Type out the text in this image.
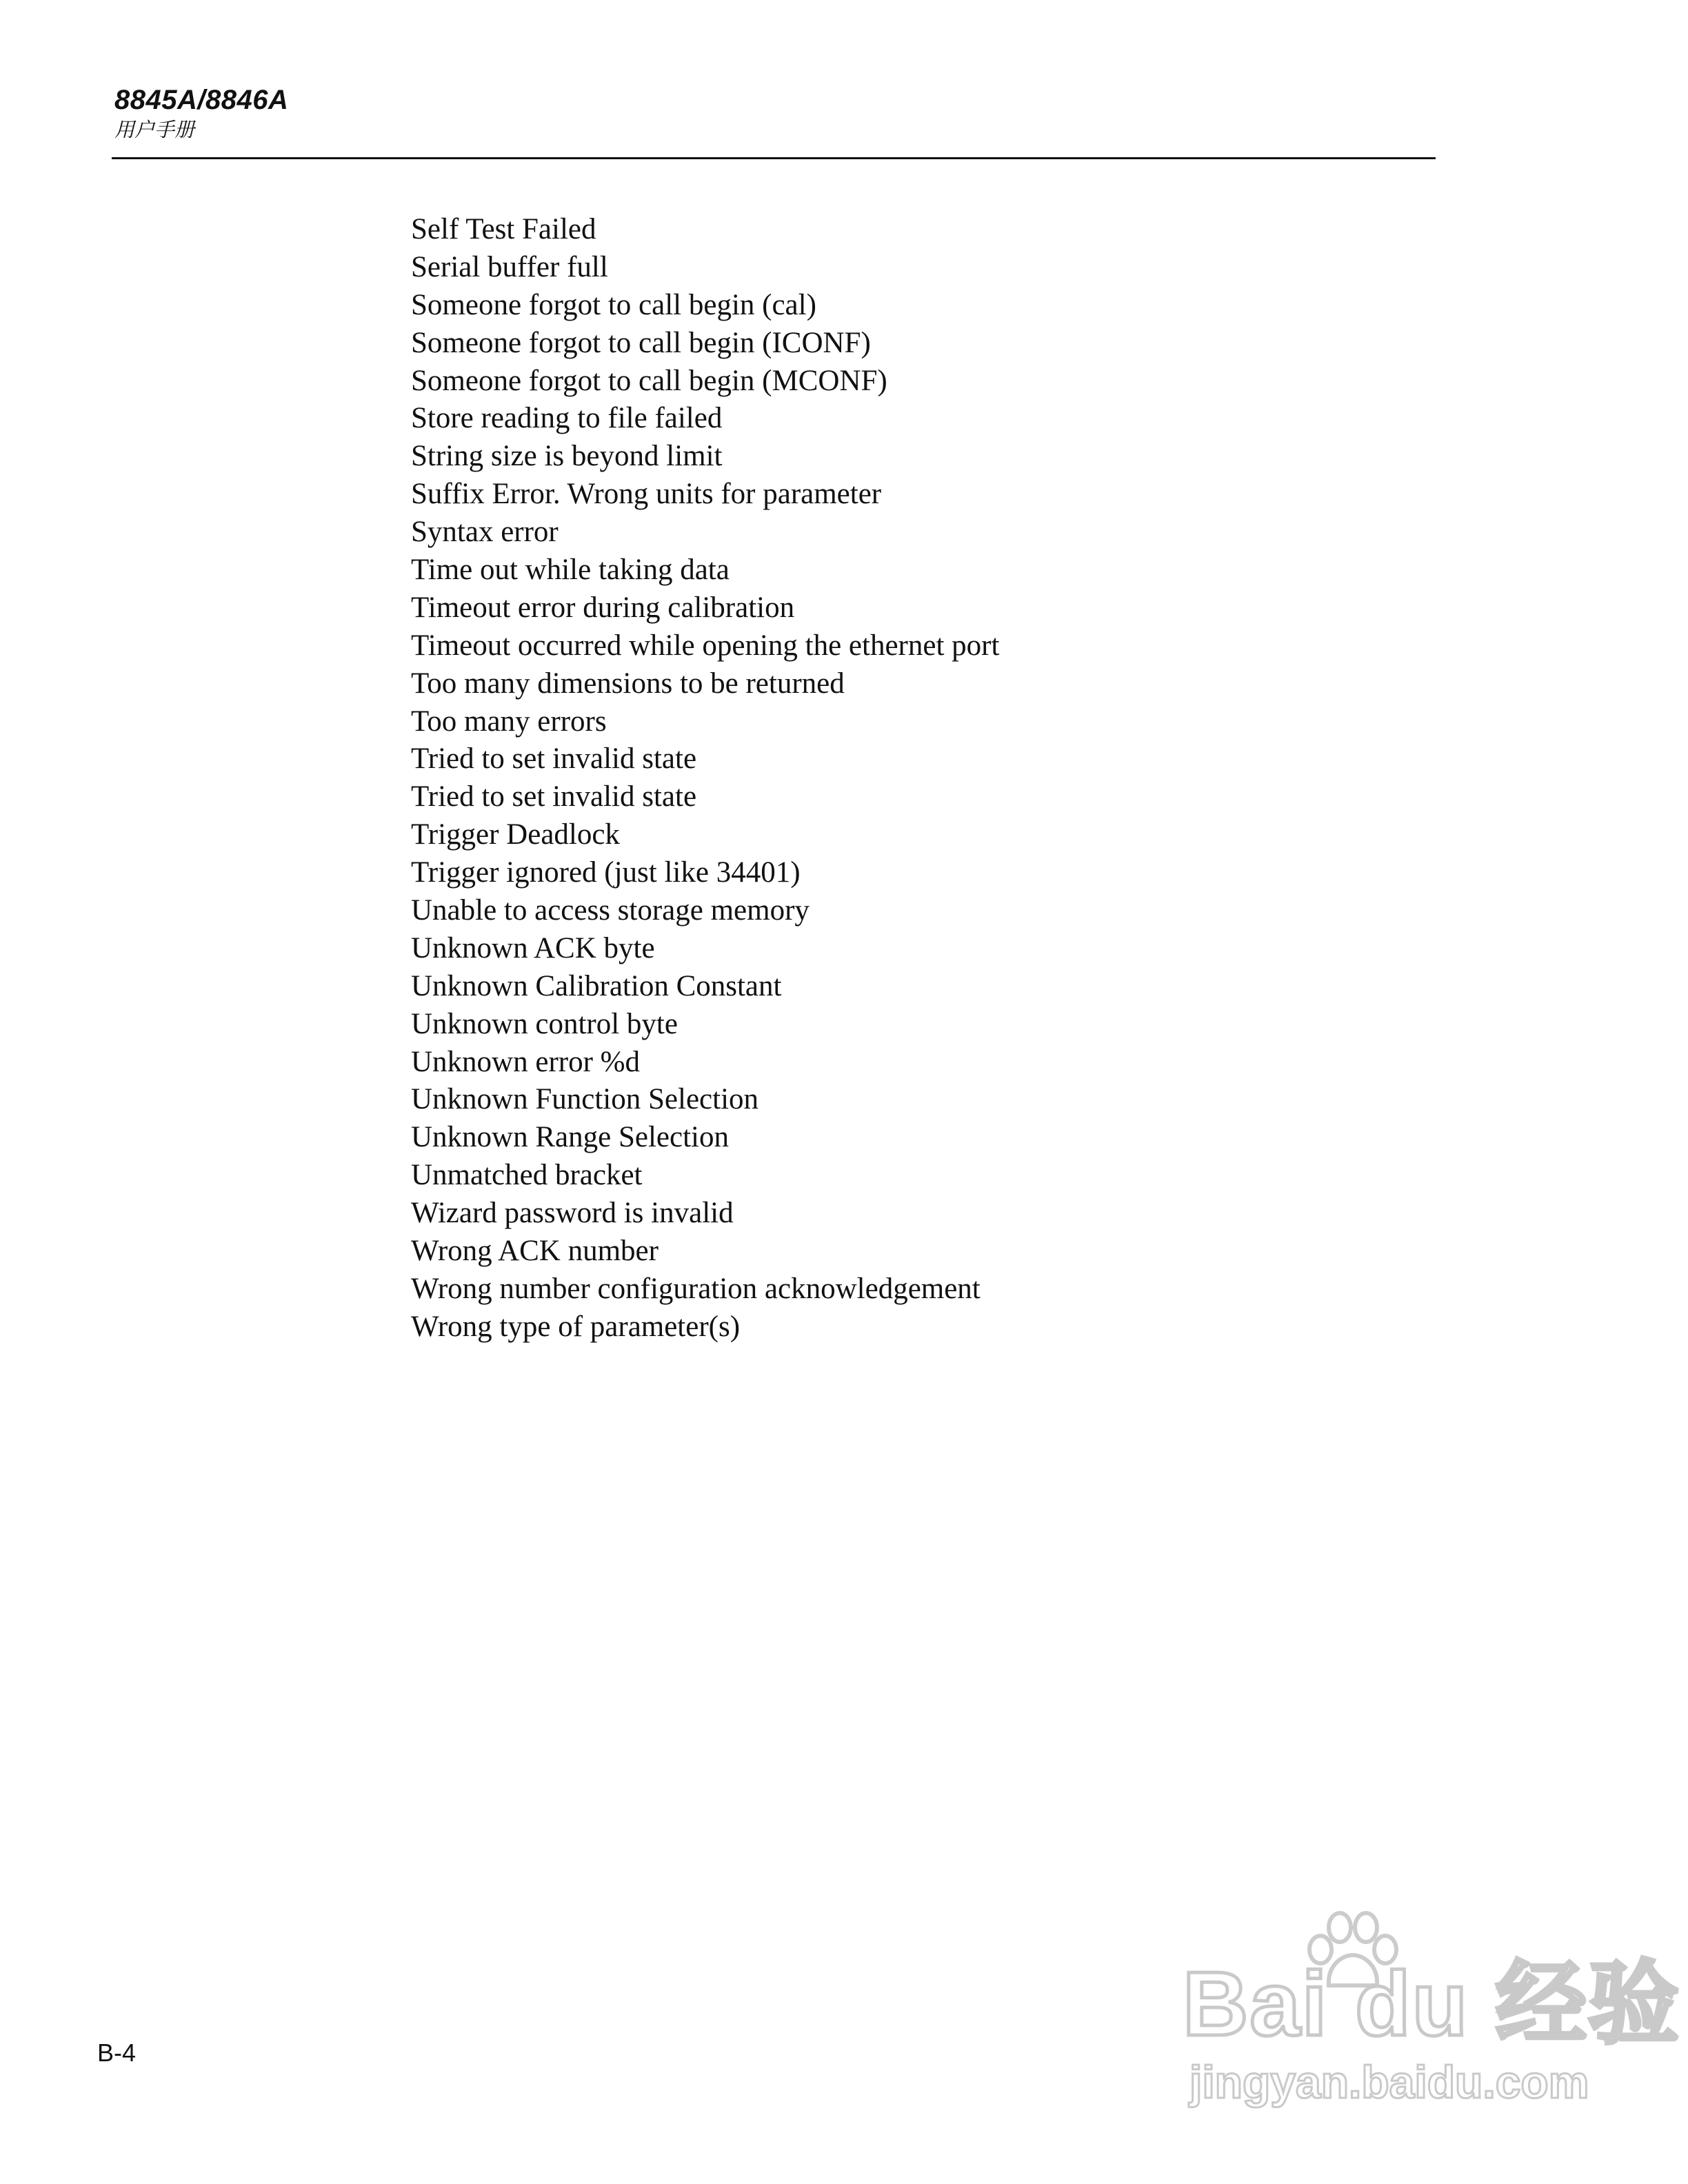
8845A/8846A
用户手册
Self Test Failed
Serial buffer full
Someone forgot to call begin (cal)
Someone forgot to call begin (ICONF)
Someone forgot to call begin (MCONF)
Store reading to file failed
String size is beyond limit
Suffix Error. Wrong units for parameter
Syntax error
Time out while taking data
Timeout error during calibration
Timeout occurred while opening the ethernet port
Too many dimensions to be returned
Too many errors
Tried to set invalid state
Tried to set invalid state
Trigger Deadlock
Trigger ignored (just like 34401)
Unable to access storage memory
Unknown ACK byte
Unknown Calibration Constant
Unknown control byte
Unknown error %d
Unknown Function Selection
Unknown Range Selection
Unmatched bracket
Wizard password is invalid
Wrong ACK number
Wrong number configuration acknowledgement
Wrong type of parameter(s)
B-4	Bai du 经验
jingyan.baidu.com
